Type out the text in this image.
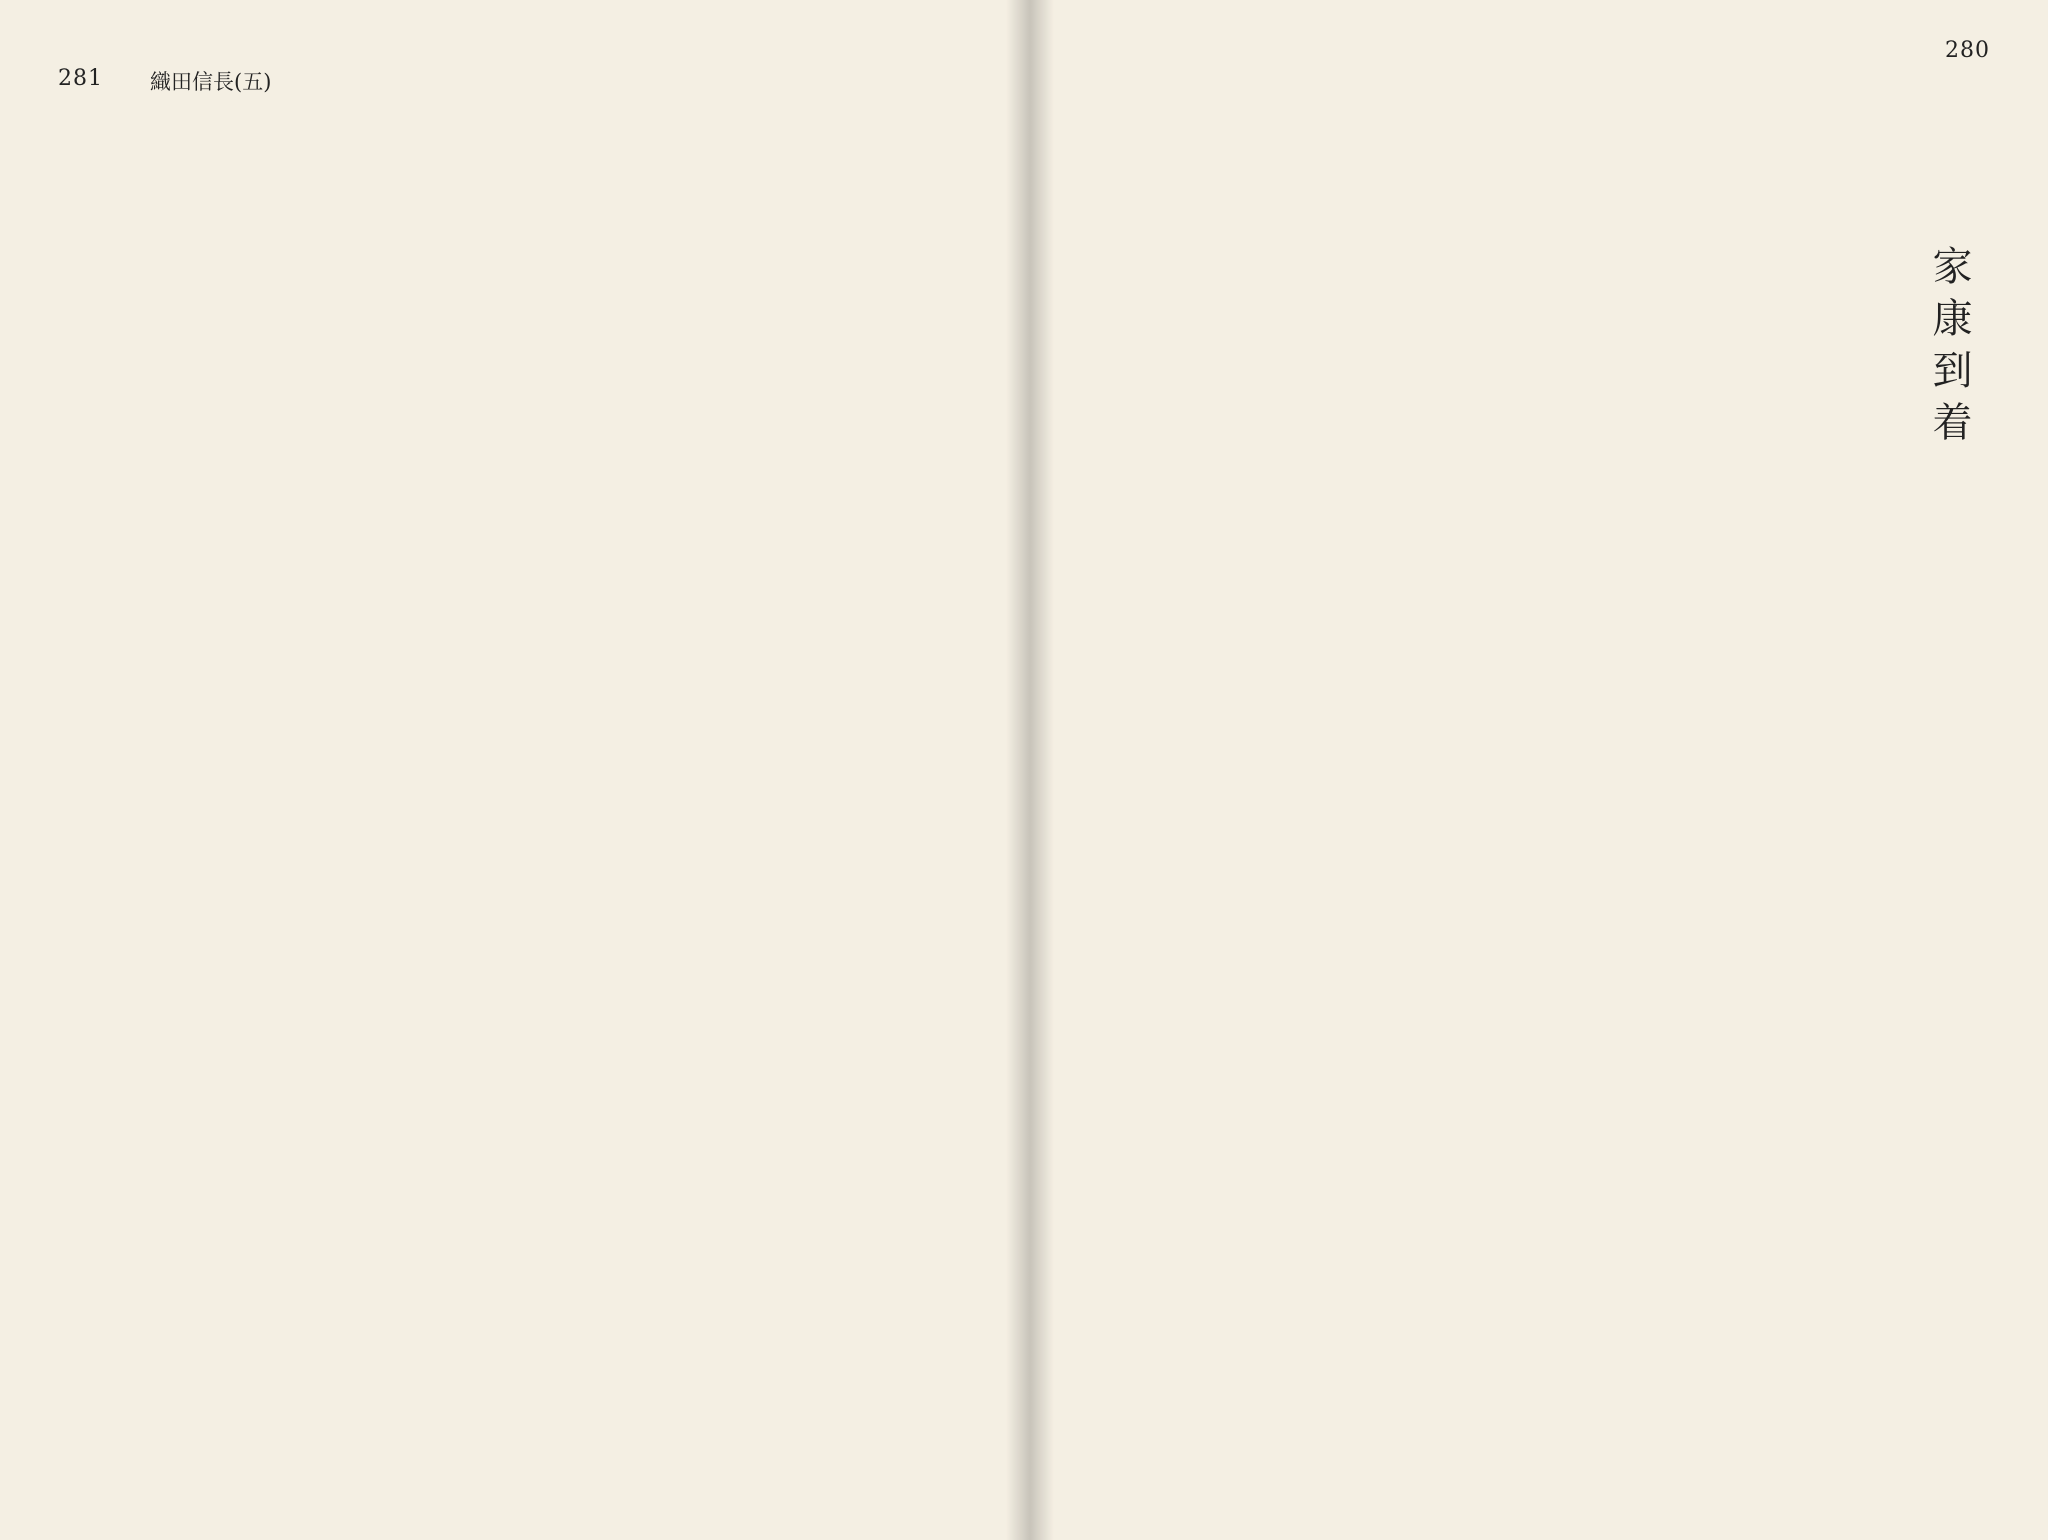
281 織田信長(五)
280
家康到着
